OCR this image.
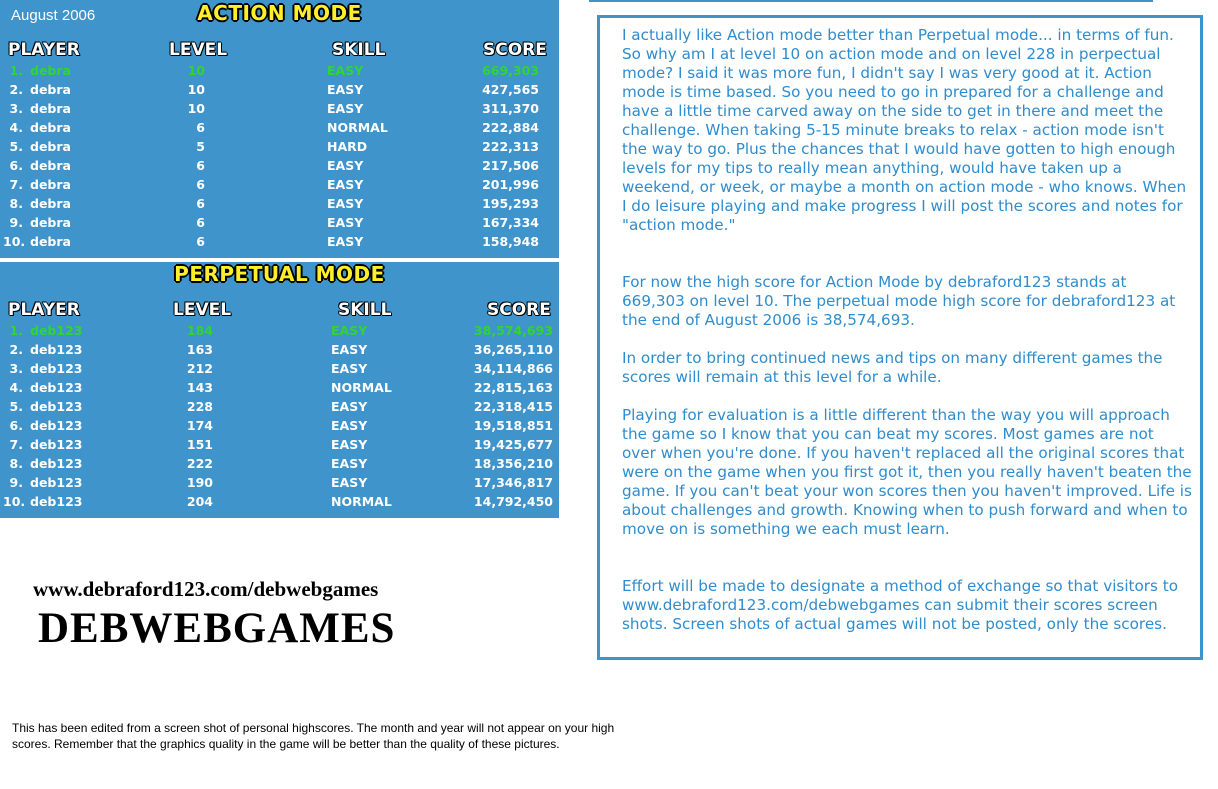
August 2006	ACTION MODE
PLAYER	LEVEL	SKILL	SCORE
1. debra	10	EASY	669,303
2. debra	10	EASY	427,565
3. debra	10	EASY	311,370
4. debra	6	NORMAL	222,884
5. debra	5	HARD	222,313
6. debra	6	EASY	217,506
7. debra	6	EASY	201,996
8. debra	6	EASY	195,293
9. debra	6	EASY	167,334
10. debra	6	EASY	158,948
PERPETUAL MODE
PLAYER	LEVEL	SKILL	SCORE
1. deb123	184	EASY	38,574,693
2. deb123	163	EASY	36,265,110
3. deb123	212	EASY	34,114,866
4. deb123	143	NORMAL	22,815,163
5. deb123	228	EASY	22,318,415
6. deb123	174	EASY	19,518,851
7. deb123	151	EASY	19,425,677
8. deb123	222	EASY	18,356,210
9. deb123	190	EASY	17,346,817
10. deb123	204	NORMAL	14,792,450
www.debraford123.com/debwebgames
DEBWEBGAMES

This has been edited from a screen shot of personal highscores. The month and year will not appear on your high scores. Remember that the graphics quality in the game will be better than the quality of these pictures.

I actually like Action mode better than Perpetual mode... in terms of fun. So why am I at level 10 on action mode and on level 228 in perpectual mode? I said it was more fun, I didn't say I was very good at it. Action mode is time based. So you need to go in prepared for a challenge and have a little time carved away on the side to get in there and meet the challenge. When taking 5-15 minute breaks to relax - action mode isn't the way to go. Plus the chances that I would have gotten to high enough levels for my tips to really mean anything, would have taken up a weekend, or week, or maybe a month on action mode - who knows. When I do leisure playing and make progress I will post the scores and notes for "action mode."

For now the high score for Action Mode by debraford123 stands at 669,303 on level 10. The perpetual mode high score for debraford123 at the end of August 2006 is 38,574,693.

In order to bring continued news and tips on many different games the scores will remain at this level for a while.

Playing for evaluation is a little different than the way you will approach the game so I know that you can beat my scores. Most games are not over when you're done. If you haven't replaced all the original scores that were on the game when you first got it, then you really haven't beaten the game. If you can't beat your won scores then you haven't improved. Life is about challenges and growth. Knowing when to push forward and when to move on is something we each must learn.

Effort will be made to designate a method of exchange so that visitors to www.debraford123.com/debwebgames can submit their scores screen shots. Screen shots of actual games will not be posted, only the scores.
